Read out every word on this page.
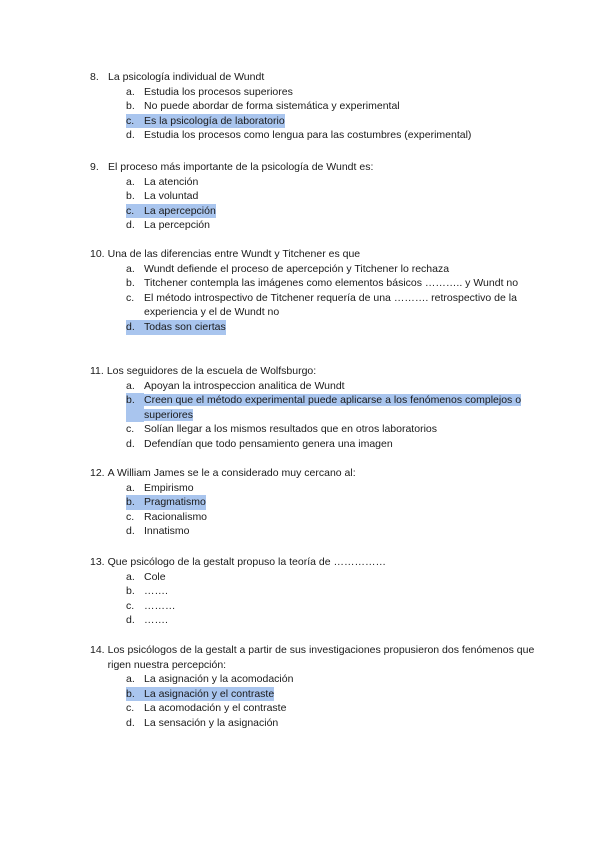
8. La psicología individual de Wundt
a. Estudia los procesos superiores
b. No puede abordar de forma sistemática y experimental
c. Es la psicología de laboratorio
d. Estudia los procesos como lengua para las costumbres (experimental)
9. El proceso más importante de la psicología de Wundt es:
a. La atención
b. La voluntad
c. La apercepción
d. La percepción
10. Una de las diferencias entre Wundt y Titchener es que
a. Wundt defiende el proceso de apercepción y Titchener lo rechaza
b. Titchener contempla las imágenes como elementos básicos ……….. y Wundt no
c. El método introspectivo de Titchener requería de una ………. retrospectivo de la experiencia y el de Wundt no
d. Todas son ciertas
11. Los seguidores de la escuela de Wolfsburgo:
a. Apoyan la introspeccion analitica de Wundt
b. Creen que el método experimental puede aplicarse a los fenómenos complejos o superiores
c. Solían llegar a los mismos resultados que en otros laboratorios
d. Defendían que todo pensamiento genera una imagen
12. A William James se le a considerado muy cercano al:
a. Empirismo
b. Pragmatismo
c. Racionalismo
d. Innatismo
13. Que psicólogo de la gestalt propuso la teoría de ……………
a. Cole
b. …….
c. ………
d. …….
14. Los psicólogos de la gestalt a partir de sus investigaciones propusieron dos fenómenos que rigen nuestra percepción:
a. La asignación y la acomodación
b. La asignación y el contraste
c. La acomodación y el contraste
d. La sensación y la asignación
